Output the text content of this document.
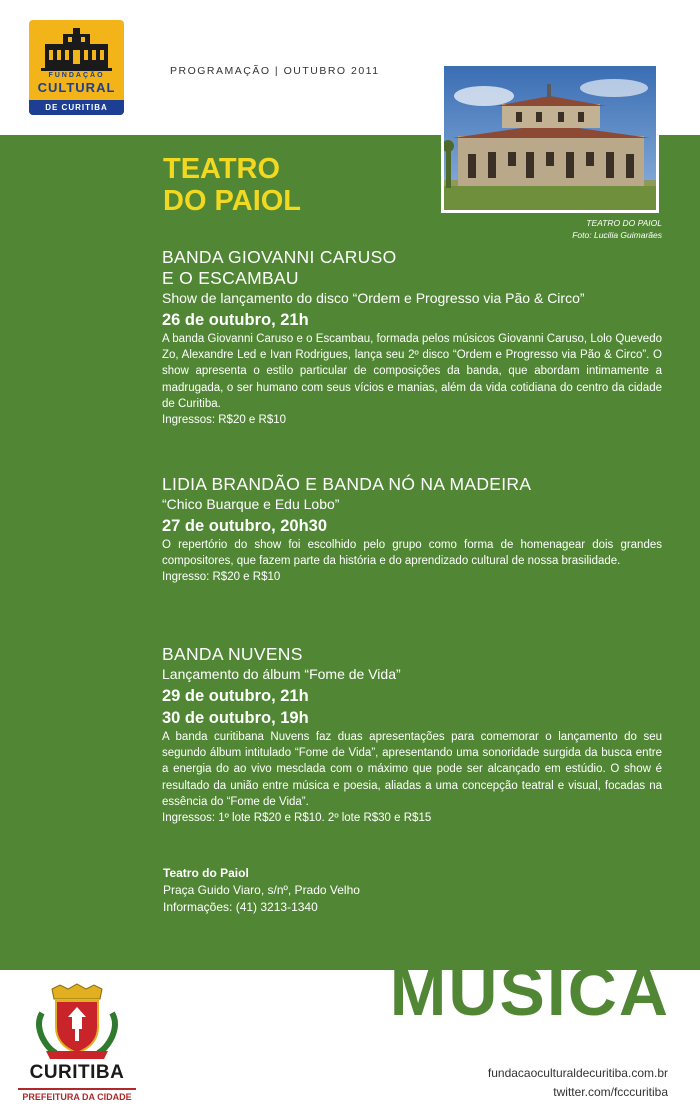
FUNDAÇÃO
CULTURAL
DE CURITIBA
PROGRAMAÇÃO | OUTUBRO 2011
TEATRO DO PAIOL
Foto: Lucilia Guimarães
TEATRO
DO PAIOL
BANDA GIOVANNI CARUSO
E O ESCAMBAU
Show de lançamento do disco “Ordem e Progresso via Pão & Circo”
26 de outubro, 21h
A banda Giovanni Caruso e o Escambau, formada pelos músicos Giovanni Caruso, Lolo Quevedo Zo, Alexandre Led e Ivan Rodrigues, lança seu 2º disco “Ordem e Progresso via Pão & Circo”. O show apresenta o estilo particular de composições da banda, que abordam intimamente a madrugada, o ser humano com seus vícios e manias, além da vida cotidiana do centro da cidade de Curitiba.
Ingressos: R$20 e R$10
LIDIA BRANDÃO E BANDA NÓ NA MADEIRA
“Chico Buarque e Edu Lobo”
27 de outubro, 20h30
O repertório do show foi escolhido pelo grupo como forma de homenagear dois grandes compositores, que fazem parte da história e do aprendizado cultural de nossa brasilidade.
Ingresso: R$20 e R$10
BANDA NUVENS
Lançamento do álbum “Fome de Vida”
29 de outubro, 21h
30 de outubro, 19h
A banda curitibana Nuvens faz duas apresentações para comemorar o lançamento do seu segundo álbum intitulado “Fome de Vida”, apresentando uma sonoridade surgida da busca entre a energia do ao vivo mesclada com o máximo que pode ser alcançado em estúdio. O show é resultado da união entre música e poesia, aliadas a uma concepção teatral e visual, focadas na essência do “Fome de Vida”.
Ingressos: 1º lote R$20 e R$10. 2º lote R$30 e R$15
Teatro do Paiol
Praça Guido Viaro, s/nº, Prado Velho
Informações: (41) 3213-1340
MÚSICA
CURITIBA
PREFEITURA DA CIDADE
fundacaoculturaldecuritiba.com.br
twitter.com/fcccuritiba
